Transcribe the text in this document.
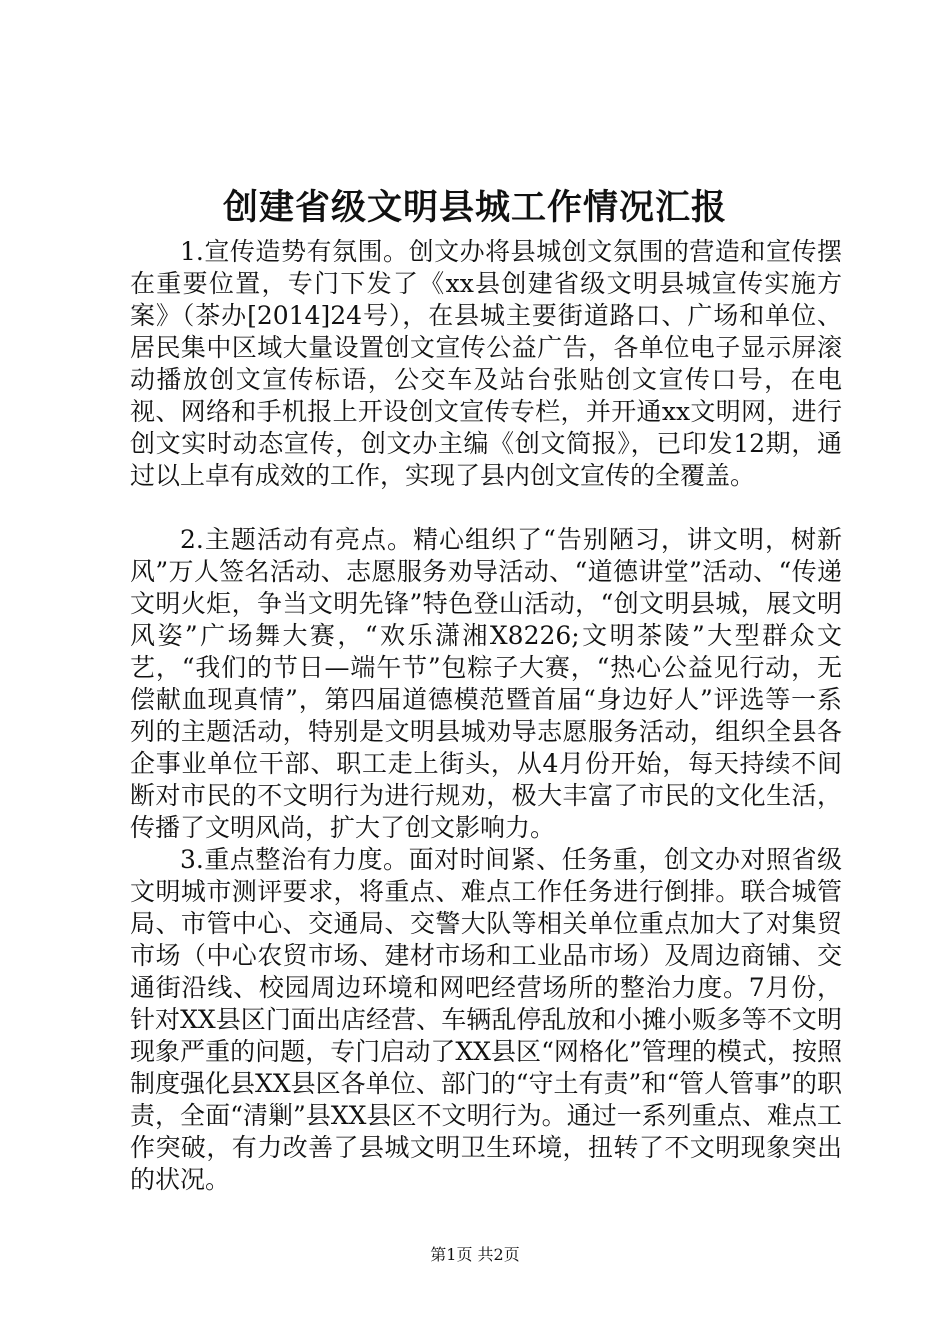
创建省级文明县城工作情况汇报

1.宣传造势有氛围。创文办将县城创文氛围的营造和宣传摆在重要位置，专门下发了《xx县创建省级文明县城宣传实施方案》（茶办[2014]24号），在县城主要街道路口、广场和单位、居民集中区域大量设置创文宣传公益广告，各单位电子显示屏滚动播放创文宣传标语，公交车及站台张贴创文宣传口号，在电视、网络和手机报上开设创文宣传专栏，并开通xx文明网，进行创文实时动态宣传，创文办主编《创文简报》，已印发12期，通过以上卓有成效的工作，实现了县内创文宣传的全覆盖。

2.主题活动有亮点。精心组织了“告别陋习，讲文明，树新风”万人签名活动、志愿服务劝导活动、“道德讲堂”活动、“传递文明火炬，争当文明先锋”特色登山活动，“创文明县城，展文明风姿”广场舞大赛，“欢乐潇湘X8226;文明茶陵”大型群众文艺，“我们的节日—端午节”包粽子大赛，“热心公益见行动，无偿献血现真情”，第四届道德模范暨首届“身边好人”评选等一系列的主题活动，特别是文明县城劝导志愿服务活动，组织全县各企事业单位干部、职工走上街头，从4月份开始，每天持续不间断对市民的不文明行为进行规劝，极大丰富了市民的文化生活，传播了文明风尚，扩大了创文影响力。

3.重点整治有力度。面对时间紧、任务重，创文办对照省级文明城市测评要求，将重点、难点工作任务进行倒排。联合城管局、市管中心、交通局、交警大队等相关单位重点加大了对集贸市场（中心农贸市场、建材市场和工业品市场）及周边商铺、交通街沿线、校园周边环境和网吧经营场所的整治力度。7月份，针对XX县区门面出店经营、车辆乱停乱放和小摊小贩多等不文明现象严重的问题，专门启动了XX县区“网格化”管理的模式，按照制度强化县XX县区各单位、部门的“守土有责”和“管人管事”的职责，全面“清剿”县XX县区不文明行为。通过一系列重点、难点工作突破，有力改善了县城文明卫生环境，扭转了不文明现象突出的状况。

第1页 共2页
